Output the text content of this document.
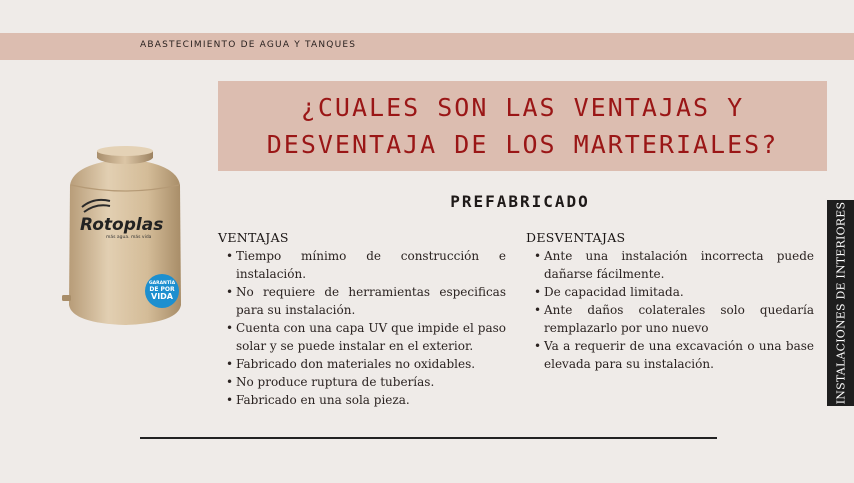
ABASTECIMIENTO DE AGUA Y TANQUES
¿CUALES SON LAS VENTAJAS Y
DESVENTAJA DE LOS MARTERIALES?
Rotoplas
más agua. más vida
GARANTÍA
DE POR
VIDA
PREFABRICADO
VENTAJAS
• Tiempo mínimo de construcción e instalación.
• No requiere de herramientas especificas para su instalación.
• Cuenta con una capa UV que impide el paso solar y se puede instalar en el exterior.
• Fabricado don materiales no oxidables.
• No produce ruptura de tuberías.
• Fabricado en una sola pieza.
DESVENTAJAS
• Ante una instalación incorrecta puede dañarse fácilmente.
• De capacidad limitada.
• Ante daños colaterales solo quedaría remplazarlo por uno nuevo
• Va a requerir de una excavación o una base elevada para su instalación.	INSTALACIONES DE INTERIORES
